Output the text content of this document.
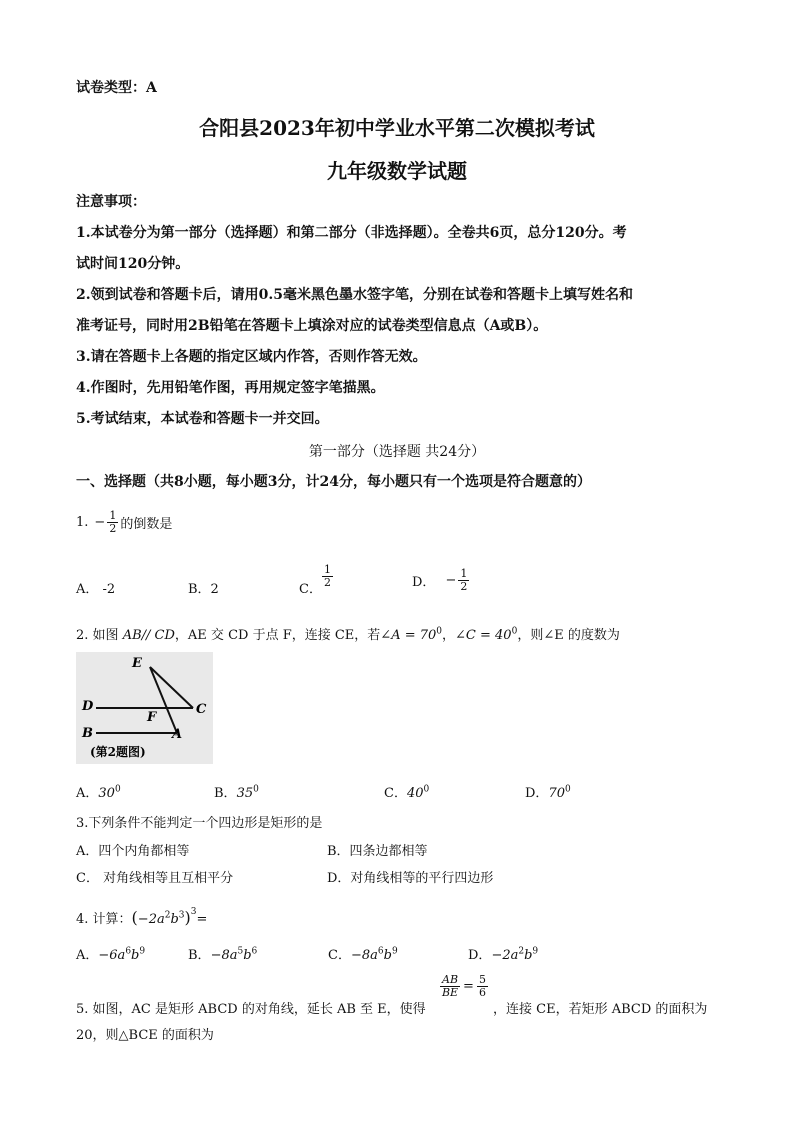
试卷类型：A
合阳县2023年初中学业水平第二次模拟考试
九年级数学试题
注意事项：
1.本试卷分为第一部分（选择题）和第二部分（非选择题）。全卷共6页，总分120分。考
试时间120分钟。
2.领到试卷和答题卡后，请用0.5毫米黑色墨水签字笔，分别在试卷和答题卡上填写姓名和
准考证号，同时用2B铅笔在答题卡上填涂对应的试卷类型信息点（A或B）。
3.请在答题卡上各题的指定区域内作答，否则作答无效。
4.作图时，先用铅笔作图，再用规定签字笔描黑。
5.考试结束，本试卷和答题卡一并交回。
第一部分（选择题 共24分）
一、选择题（共8小题，每小题3分，计24分，每小题只有一个选项是符合题意的）
1. − $\frac{1}{2}$ 的倒数是
A． -2	B．2	C．
$\frac{1}{2}$	D． − $\frac{1}{2}$
2. 如图 AB// CD，AE 交 CD 于点 F，连接 CE，若∠A = $70^0$，∠C = $40^0$，则∠E 的度数为
E
D	C
F
B	A
(第2题图)
A．$30^0$	B．$35^0$	C．$40^0$	D．$70^0$
3.下列条件不能判定一个四边形是矩形的是
A．四个内角都相等	B．四条边都相等
C． 对角线相等且互相平分	D．对角线相等的平行四边形
4. 计算：$(-2a^2b^3)^3=$
A．$-6a^6b^9$	B．$-8a^5b^6$	C．$-8a^6b^9$	D．$-2a^2b^9$
5. 如图，AC 是矩形 ABCD 的对角线，延长 AB 至 E，使得
$\frac{AB}{BE} = \frac{5}{6}$
，连接 CE，若矩形 ABCD 的面积为
20，则△BCE 的面积为
